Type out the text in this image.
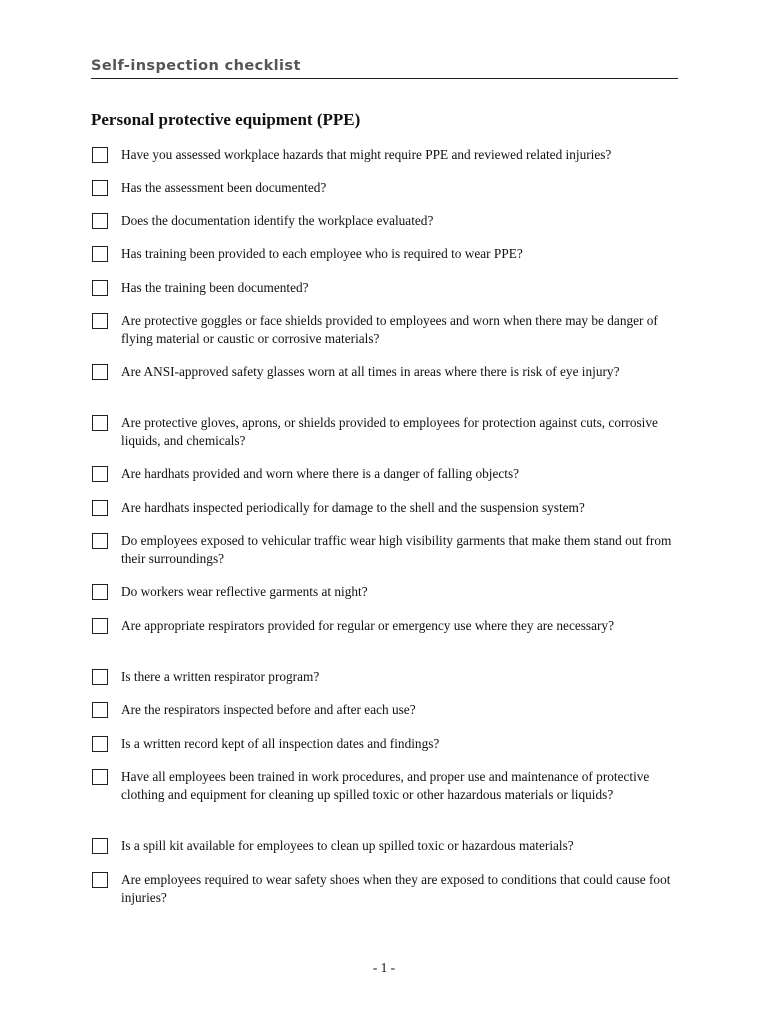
Self-inspection checklist
Personal protective equipment (PPE)
Have you assessed workplace hazards that might require PPE and reviewed related injuries?
Has the assessment been documented?
Does the documentation identify the workplace evaluated?
Has training been provided to each employee who is required to wear PPE?
Has the training been documented?
Are protective goggles or face shields provided to employees and worn when there may be danger of flying material or caustic or corrosive materials?
Are ANSI-approved safety glasses worn at all times in areas where there is risk of eye injury?
Are protective gloves, aprons, or shields provided to employees for protection against cuts, corrosive liquids, and chemicals?
Are hardhats provided and worn where there is a danger of falling objects?
Are hardhats inspected periodically for damage to the shell and the suspension system?
Do employees exposed to vehicular traffic wear high visibility garments that make them stand out from their surroundings?
Do workers wear reflective garments at night?
Are appropriate respirators provided for regular or emergency use where they are necessary?
Is there a written respirator program?
Are the respirators inspected before and after each use?
Is a written record kept of all inspection dates and findings?
Have all employees been trained in work procedures, and proper use and maintenance of protective clothing and equipment for cleaning up spilled toxic or other hazardous materials or liquids?
Is a spill kit available for employees to clean up spilled toxic or hazardous materials?
Are employees required to wear safety shoes when they are exposed to conditions that could cause foot injuries?
- 1 -
